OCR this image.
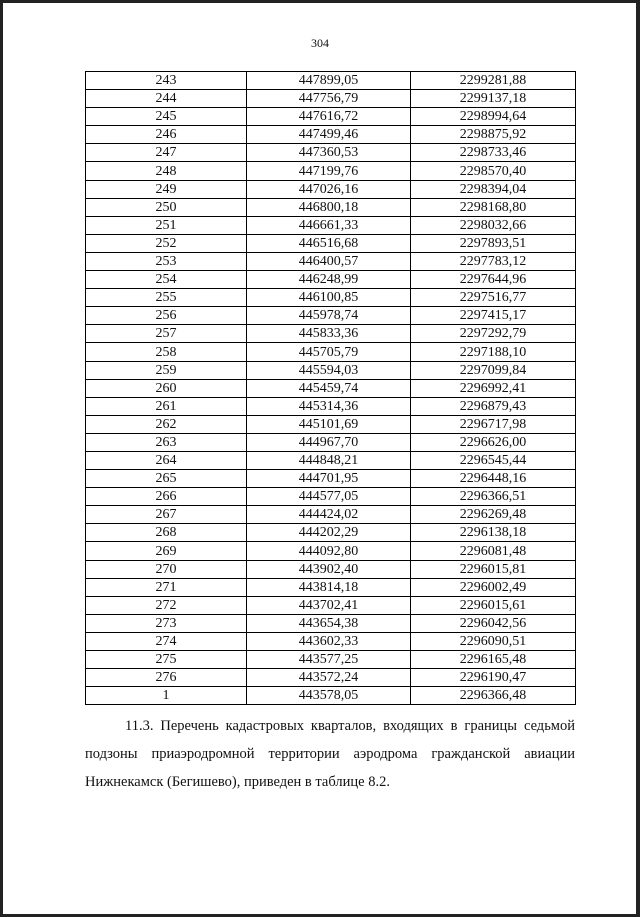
304
243	447899,05	2299281,88
244	447756,79	2299137,18
245	447616,72	2298994,64
246	447499,46	2298875,92
247	447360,53	2298733,46
248	447199,76	2298570,40
249	447026,16	2298394,04
250	446800,18	2298168,80
251	446661,33	2298032,66
252	446516,68	2297893,51
253	446400,57	2297783,12
254	446248,99	2297644,96
255	446100,85	2297516,77
256	445978,74	2297415,17
257	445833,36	2297292,79
258	445705,79	2297188,10
259	445594,03	2297099,84
260	445459,74	2296992,41
261	445314,36	2296879,43
262	445101,69	2296717,98
263	444967,70	2296626,00
264	444848,21	2296545,44
265	444701,95	2296448,16
266	444577,05	2296366,51
267	444424,02	2296269,48
268	444202,29	2296138,18
269	444092,80	2296081,48
270	443902,40	2296015,81
271	443814,18	2296002,49
272	443702,41	2296015,61
273	443654,38	2296042,56
274	443602,33	2296090,51
275	443577,25	2296165,48
276	443572,24	2296190,47
1	443578,05	2296366,48
11.3. Перечень кадастровых кварталов, входящих в границы седьмой подзоны приаэродромной территории аэродрома гражданской авиации Нижнекамск (Бегишево), приведен в таблице 8.2.
